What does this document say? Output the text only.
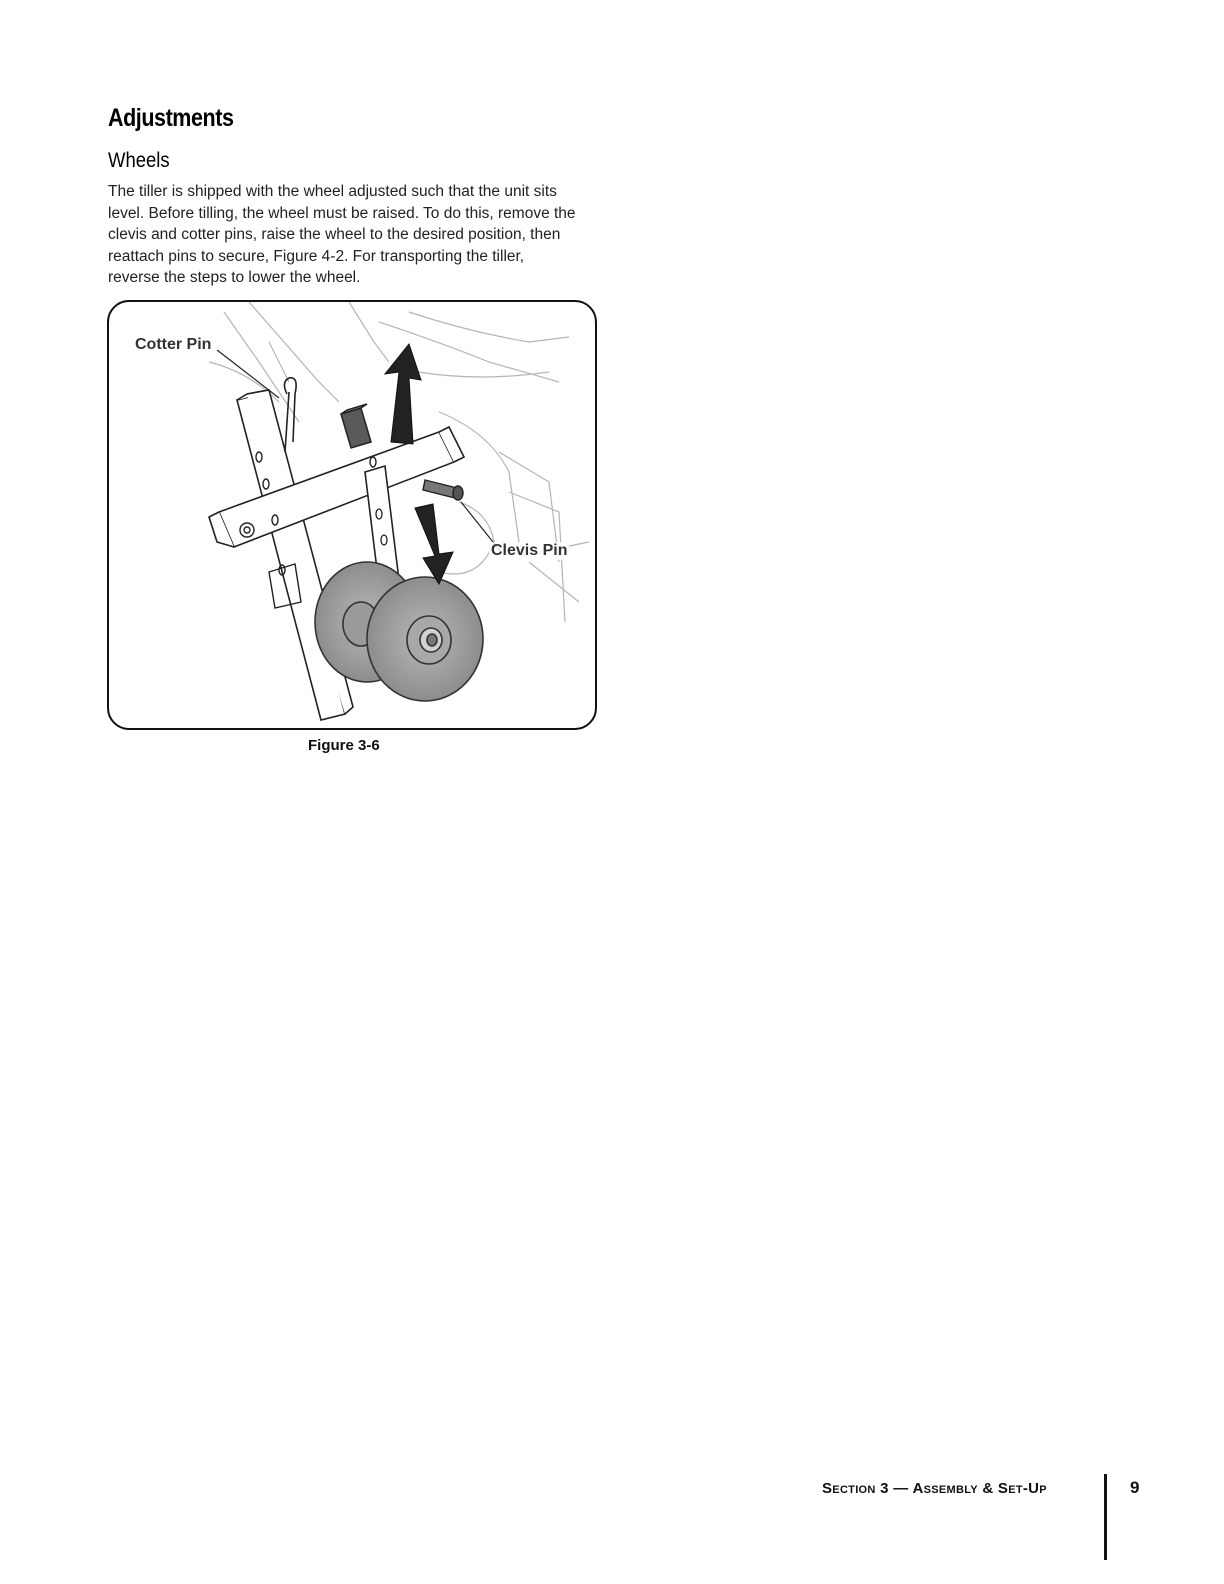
Adjustments
Wheels

The tiller is shipped with the wheel adjusted such that the unit sits level. Before tilling, the wheel must be raised. To do this, remove the clevis and cotter pins, raise the wheel to the desired position, then reattach pins to secure, Figure 4-2. For transporting the tiller, reverse the steps to lower the wheel.

Cotter Pin
Clevis Pin
Figure 3-6
Section 3 — Assembly & Set-Up	9
